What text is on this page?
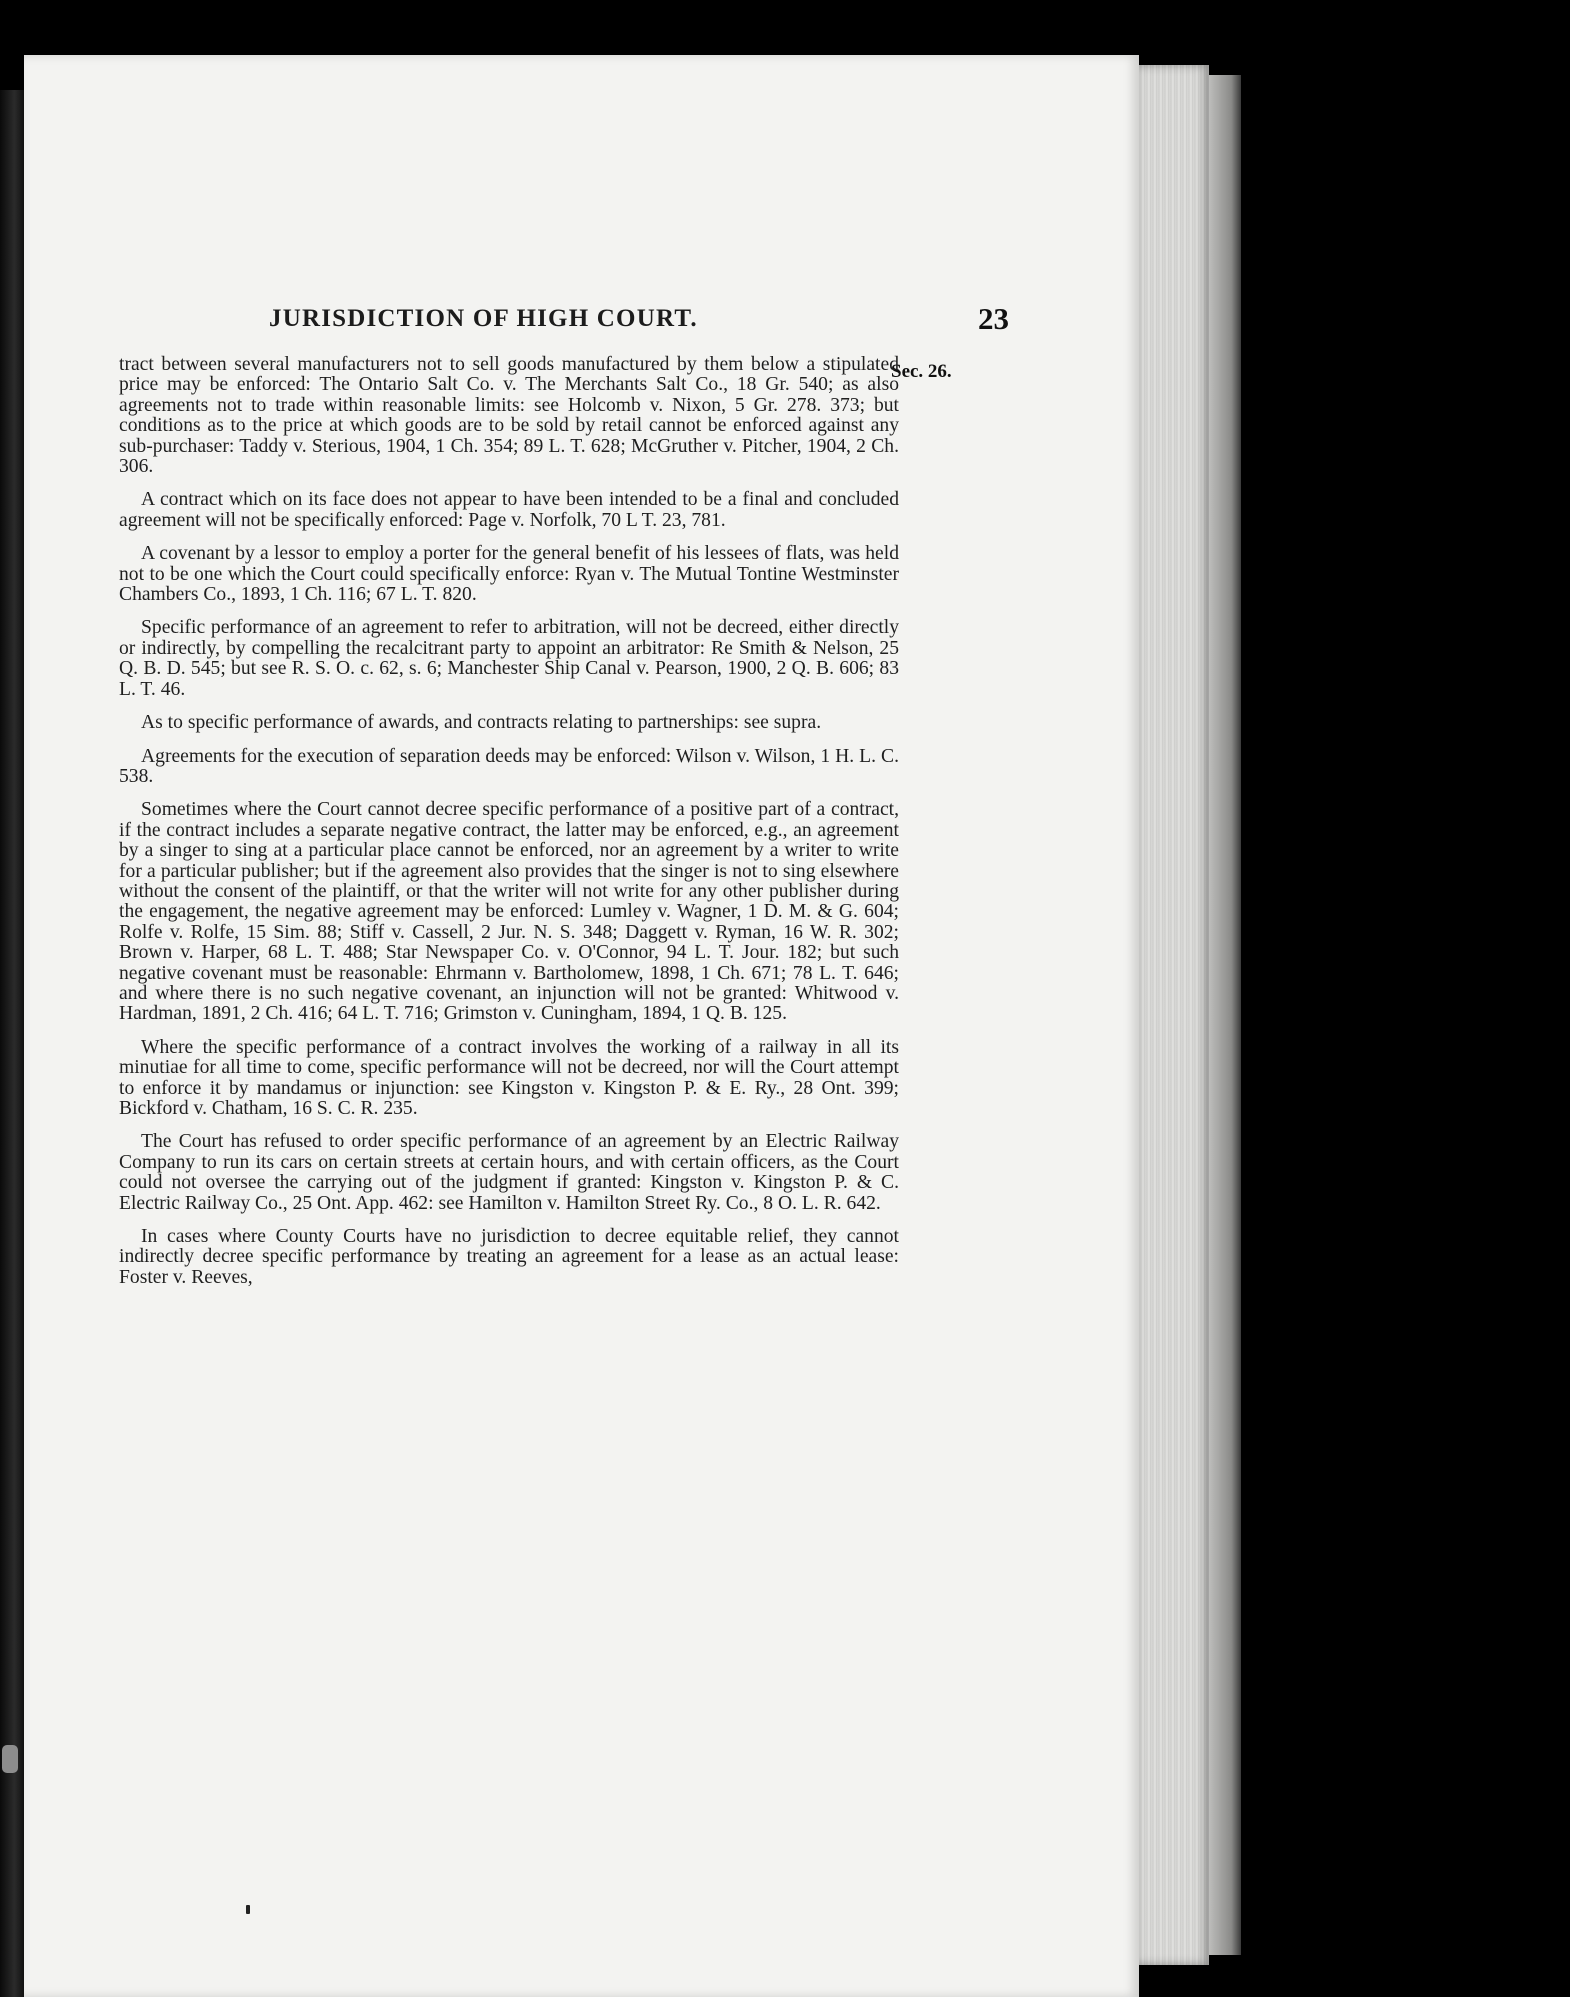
JURISDICTION OF HIGH COURT.	23
Sec. 26.

tract between several manufacturers not to sell goods manufactured by them below a stipulated price may be enforced: The Ontario Salt Co. v. The Merchants Salt Co., 18 Gr. 540; as also agreements not to trade within reasonable limits: see Holcomb v. Nixon, 5 Gr. 278. 373; but conditions as to the price at which goods are to be sold by retail cannot be enforced against any sub-purchaser: Taddy v. Sterious, 1904, 1 Ch. 354; 89 L. T. 628; McGruther v. Pitcher, 1904, 2 Ch. 306.

A contract which on its face does not appear to have been intended to be a final and concluded agreement will not be specifically enforced: Page v. Norfolk, 70 L T. 23, 781.

A covenant by a lessor to employ a porter for the general benefit of his lessees of flats, was held not to be one which the Court could specifically enforce: Ryan v. The Mutual Tontine Westminster Chambers Co., 1893, 1 Ch. 116; 67 L. T. 820.

Specific performance of an agreement to refer to arbitration, will not be decreed, either directly or indirectly, by compelling the recalcitrant party to appoint an arbitrator: Re Smith & Nelson, 25 Q. B. D. 545; but see R. S. O. c. 62, s. 6; Manchester Ship Canal v. Pearson, 1900, 2 Q. B. 606; 83 L. T. 46.

As to specific performance of awards, and contracts relating to partnerships: see supra.

Agreements for the execution of separation deeds may be enforced: Wilson v. Wilson, 1 H. L. C. 538.

Sometimes where the Court cannot decree specific performance of a positive part of a contract, if the contract includes a separate negative contract, the latter may be enforced, e.g., an agreement by a singer to sing at a particular place cannot be enforced, nor an agreement by a writer to write for a particular publisher; but if the agreement also provides that the singer is not to sing elsewhere without the consent of the plaintiff, or that the writer will not write for any other publisher during the engagement, the negative agreement may be enforced: Lumley v. Wagner, 1 D. M. & G. 604; Rolfe v. Rolfe, 15 Sim. 88; Stiff v. Cassell, 2 Jur. N. S. 348; Daggett v. Ryman, 16 W. R. 302; Brown v. Harper, 68 L. T. 488; Star Newspaper Co. v. O'Connor, 94 L. T. Jour. 182; but such negative covenant must be reasonable: Ehrmann v. Bartholomew, 1898, 1 Ch. 671; 78 L. T. 646; and where there is no such negative covenant, an injunction will not be granted: Whitwood v. Hardman, 1891, 2 Ch. 416; 64 L. T. 716; Grimston v. Cuningham, 1894, 1 Q. B. 125.

Where the specific performance of a contract involves the working of a railway in all its minutiae for all time to come, specific performance will not be decreed, nor will the Court attempt to enforce it by mandamus or injunction: see Kingston v. Kingston P. & E. Ry., 28 Ont. 399; Bickford v. Chatham, 16 S. C. R. 235.

The Court has refused to order specific performance of an agreement by an Electric Railway Company to run its cars on certain streets at certain hours, and with certain officers, as the Court could not oversee the carrying out of the judgment if granted: Kingston v. Kingston P. & C. Electric Railway Co., 25 Ont. App. 462: see Hamilton v. Hamilton Street Ry. Co., 8 O. L. R. 642.

In cases where County Courts have no jurisdiction to decree equitable relief, they cannot indirectly decree specific performance by treating an agreement for a lease as an actual lease: Foster v. Reeves,
